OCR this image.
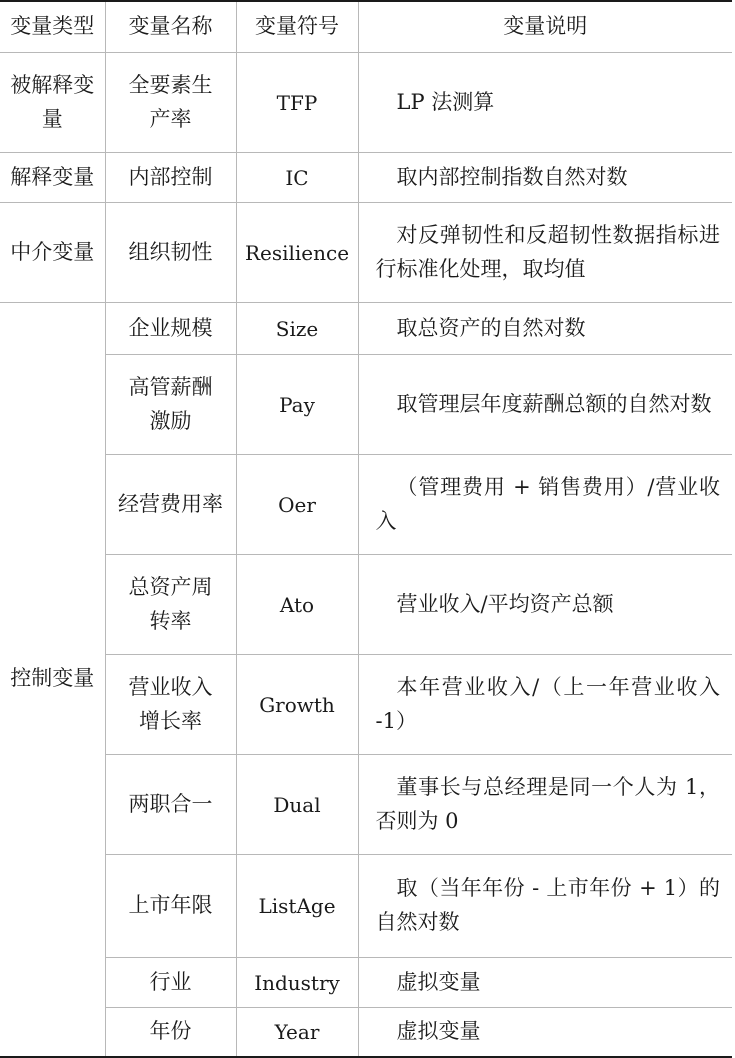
变量类型	变量名称	变量符号	变量说明

被解释变量	全要素生产率	TFP	LP 法测算

解释变量	内部控制	IC	取内部控制指数自然对数

中介变量	组织韧性	Resilience	对反弹韧性和反超韧性数据指标进行标准化处理，取均值

控制变量	企业规模	Size	取总资产的自然对数

	高管薪酬激励	Pay	取管理层年度薪酬总额的自然对数

	经营费用率	Oer	（管理费用 + 销售费用）/营业收入

	总资产周转率	Ato	营业收入/平均资产总额

	营业收入增长率	Growth	本年营业收入/（上一年营业收入 -1）

	两职合一	Dual	董事长与总经理是同一个人为 1，否则为 0

	上市年限	ListAge	取（当年年份 - 上市年份 + 1）的自然对数

	行业	Industry	虚拟变量

	年份	Year	虚拟变量
